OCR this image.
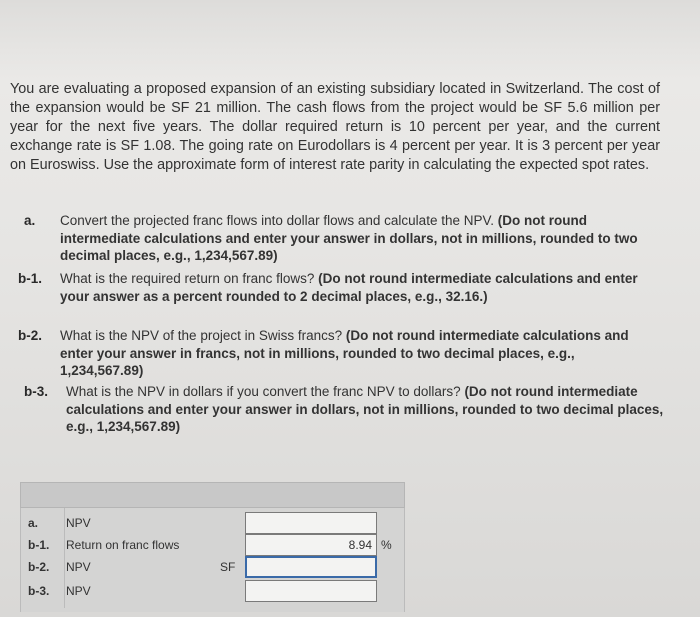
You are evaluating a proposed expansion of an existing subsidiary located in Switzerland. The cost of the expansion would be SF 21 million. The cash flows from the project would be SF 5.6 million per year for the next five years. The dollar required return is 10 percent per year, and the current exchange rate is SF 1.08. The going rate on Eurodollars is 4 percent per year. It is 3 percent per year on Euroswiss. Use the approximate form of interest rate parity in calculating the expected spot rates.
a. Convert the projected franc flows into dollar flows and calculate the NPV. (Do not round intermediate calculations and enter your answer in dollars, not in millions, rounded to two decimal places, e.g., 1,234,567.89)
b-1. What is the required return on franc flows? (Do not round intermediate calculations and enter your answer as a percent rounded to 2 decimal places, e.g., 32.16.)
b-2. What is the NPV of the project in Swiss francs? (Do not round intermediate calculations and enter your answer in francs, not in millions, rounded to two decimal places, e.g., 1,234,567.89)
b-3. What is the NPV in dollars if you convert the franc NPV to dollars? (Do not round intermediate calculations and enter your answer in dollars, not in millions, rounded to two decimal places, e.g., 1,234,567.89)
a. NPV
b-1. Return on franc flows	8.94 %
b-2. NPV	SF
b-3. NPV
